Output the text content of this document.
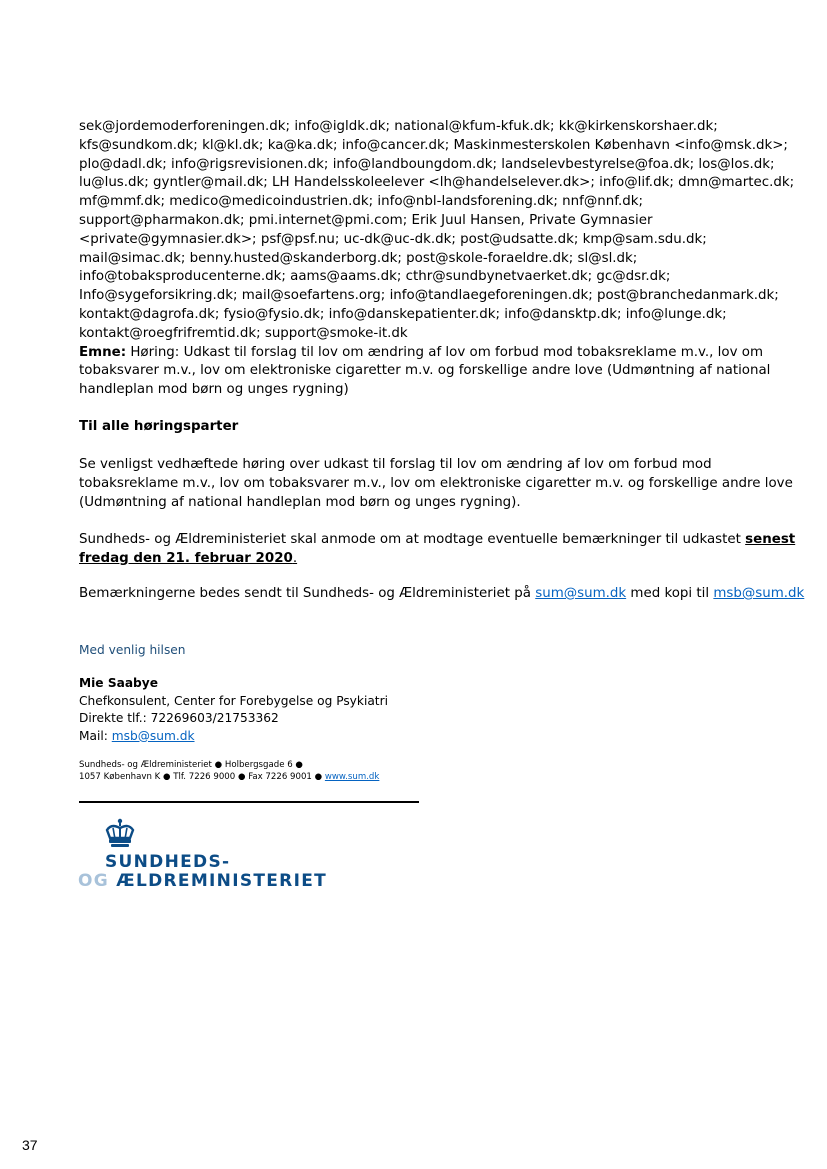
sek@jordemoderforeningen.dk; info@igldk.dk; national@kfum-kfuk.dk; kk@kirkenskorshaer.dk;
kfs@sundkom.dk; kl@kl.dk; ka@ka.dk; info@cancer.dk; Maskinmesterskolen København <info@msk.dk>;
plo@dadl.dk; info@rigsrevisionen.dk; info@landboungdom.dk; landselevbestyrelse@foa.dk; los@los.dk;
lu@lus.dk; gyntler@mail.dk; LH Handelsskoleelever <lh@handelselever.dk>; info@lif.dk; dmn@martec.dk;
mf@mmf.dk; medico@medicoindustrien.dk; info@nbl-landsforening.dk; nnf@nnf.dk;
support@pharmakon.dk; pmi.internet@pmi.com; Erik Juul Hansen, Private Gymnasier
<private@gymnasier.dk>; psf@psf.nu; uc-dk@uc-dk.dk; post@udsatte.dk; kmp@sam.sdu.dk;
mail@simac.dk; benny.husted@skanderborg.dk; post@skole-foraeldre.dk; sl@sl.dk;
info@tobaksproducenterne.dk; aams@aams.dk; cthr@sundbynetvaerket.dk; gc@dsr.dk;
Info@sygeforsikring.dk; mail@soefartens.org; info@tandlaegeforeningen.dk; post@branchedanmark.dk;
kontakt@dagrofa.dk; fysio@fysio.dk; info@danskepatienter.dk; info@dansktp.dk; info@lunge.dk;
kontakt@roegfrifremtid.dk; support@smoke-it.dk
Emne: Høring: Udkast til forslag til lov om ændring af lov om forbud mod tobaksreklame m.v., lov om
tobaksvarer m.v., lov om elektroniske cigaretter m.v. og forskellige andre love (Udmøntning af national
handleplan mod børn og unges rygning)
Til alle høringsparter
Se venligst vedhæftede høring over udkast til forslag til lov om ændring af lov om forbud mod
tobaksreklame m.v., lov om tobaksvarer m.v., lov om elektroniske cigaretter m.v. og forskellige andre love
(Udmøntning af national handleplan mod børn og unges rygning).
Sundheds- og Ældreministeriet skal anmode om at modtage eventuelle bemærkninger til udkastet senest
fredag den 21. februar 2020.
Bemærkningerne bedes sendt til Sundheds- og Ældreministeriet på sum@sum.dk med kopi til msb@sum.dk
Med venlig hilsen
Mie Saabye
Chefkonsulent, Center for Forebygelse og Psykiatri
Direkte tlf.: 72269603/21753362
Mail: msb@sum.dk
Sundheds- og Ældreministeriet ● Holbergsgade 6 ●
1057 København K ● Tlf. 7226 9000 ● Fax 7226 9001 ● www.sum.dk
SUNDHEDS-
OG ÆLDREMINISTERIET
37
